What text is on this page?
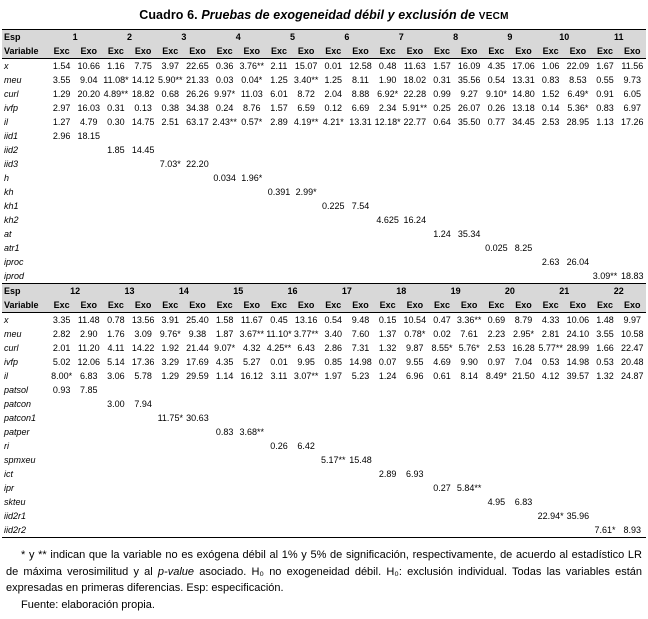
Cuadro 6. Pruebas de exogeneidad débil y exclusión de VECM
Esp	1		2		3		4		5		6		7		8		9		10		11	
Variable	Exc	Exo	Exc	Exo	Exc	Exo	Exc	Exo	Exc	Exo	Exc	Exo	Exc	Exo	Exc	Exo	Exc	Exo	Exc	Exo	Exc	Exo
x	1.54	10.66	1.16	7.75	3.97	22.65	0.36	3.76**	2.11	15.07	0.01	12.58	0.48	11.63	1.57	16.09	4.35	17.06	1.06	22.09	1.67	11.56
meu	3.55	9.04	11.08*	14.12	5.90**	21.33	0.03	0.04*	1.25	3.40**	1.25	8.11	1.90	18.02	0.31	35.56	0.54	13.31	0.83	8.53	0.55	9.73
curl	1.29	20.20	4.89**	18.82	0.68	26.26	9.97*	11.03	6.01	8.72	2.04	8.88	6.92*	22.28	0.99	9.27	9.10*	14.80	1.52	6.49*	0.91	6.05
ivfp	2.97	16.03	0.31	0.13	0.38	34.38	0.24	8.76	1.57	6.59	0.12	6.69	2.34	5.91**	0.25	26.07	0.26	13.18	0.14	5.36*	0.83	6.97
il	1.27	4.79	0.30	14.75	2.51	63.17	2.43**	0.57*	2.89	4.19**	4.21*	13.31	12.18*	22.77	0.64	35.50	0.77	34.45	2.53	28.95	1.13	17.26
iid1	2.96	18.15																				
iid2			1.85	14.45																		
iid3					7.03*	22.20																
h							0.034	1.96*														
kh									0.391	2.99*												
kh1											0.225	7.54										
kh2													4.625	16.24								
at															1.24	35.34						
atr1																	0.025	8.25				
iproc																			2.63	26.04		
iprod																					3.09**	18.83
Esp	12		13		14		15		16		17		18		19		20		21		22	
Variable	Exc	Exo	Exc	Exo	Exc	Exo	Exc	Exo	Exc	Exo	Exc	Exo	Exc	Exo	Exc	Exo	Exc	Exo	Exc	Exo	Exc	Exo
x	3.35	11.48	0.78	13.56	3.91	25.40	1.58	11.67	0.45	13.16	0.54	9.48	0.15	10.54	0.47	3.36**	0.69	8.79	4.33	10.06	1.48	9.97
meu	2.82	2.90	1.76	3.09	9.76*	9.38	1.87	3.67**	11.10*	3.77**	3.40	7.60	1.37	0.78*	0.02	7.61	2.23	2.95*	2.81	24.10	3.55	10.58
curl	2.01	11.20	4.11	14.22	1.92	21.44	9.07*	4.32	4.25**	6.43	2.86	7.31	1.32	9.87	8.55*	5.76*	2.53	16.28	5.77**	28.99	1.66	22.47
ivfp	5.02	12.06	5.14	17.36	3.29	17.69	4.35	5.27	0.01	9.95	0.85	14.98	0.07	9.55	4.69	9.90	0.97	7.04	0.53	14.98	0.53	20.48
il	8.00*	6.83	3.06	5.78	1.29	29.59	1.14	16.12	3.11	3.07**	1.97	5.23	1.24	6.96	0.61	8.14	8.49*	21.50	4.12	39.57	1.32	24.87
patsol	0.93	7.85																				
patcon			3.00	7.94																		
patcon1					11.75*	30.63																
patper							0.83	3.68**														
ri									0.26	6.42												
spmxeu											5.17**	15.48										
ict													2.89	6.93								
ipr															0.27	5.84**						
skteu																	4.95	6.83				
iid2r1																			22.94*	35.96		
iid2r2																					7.61*	8.93

* y ** indican que la variable no es exógena débil al 1% y 5% de significación, respectivamente, de acuerdo al estadístico LR de máxima verosimilitud y al p-value asociado. H₀ no exogeneidad débil. H₀: exclusión individual. Todas las variables están expresadas en primeras diferencias. Esp: especificación.

Fuente: elaboración propia.
